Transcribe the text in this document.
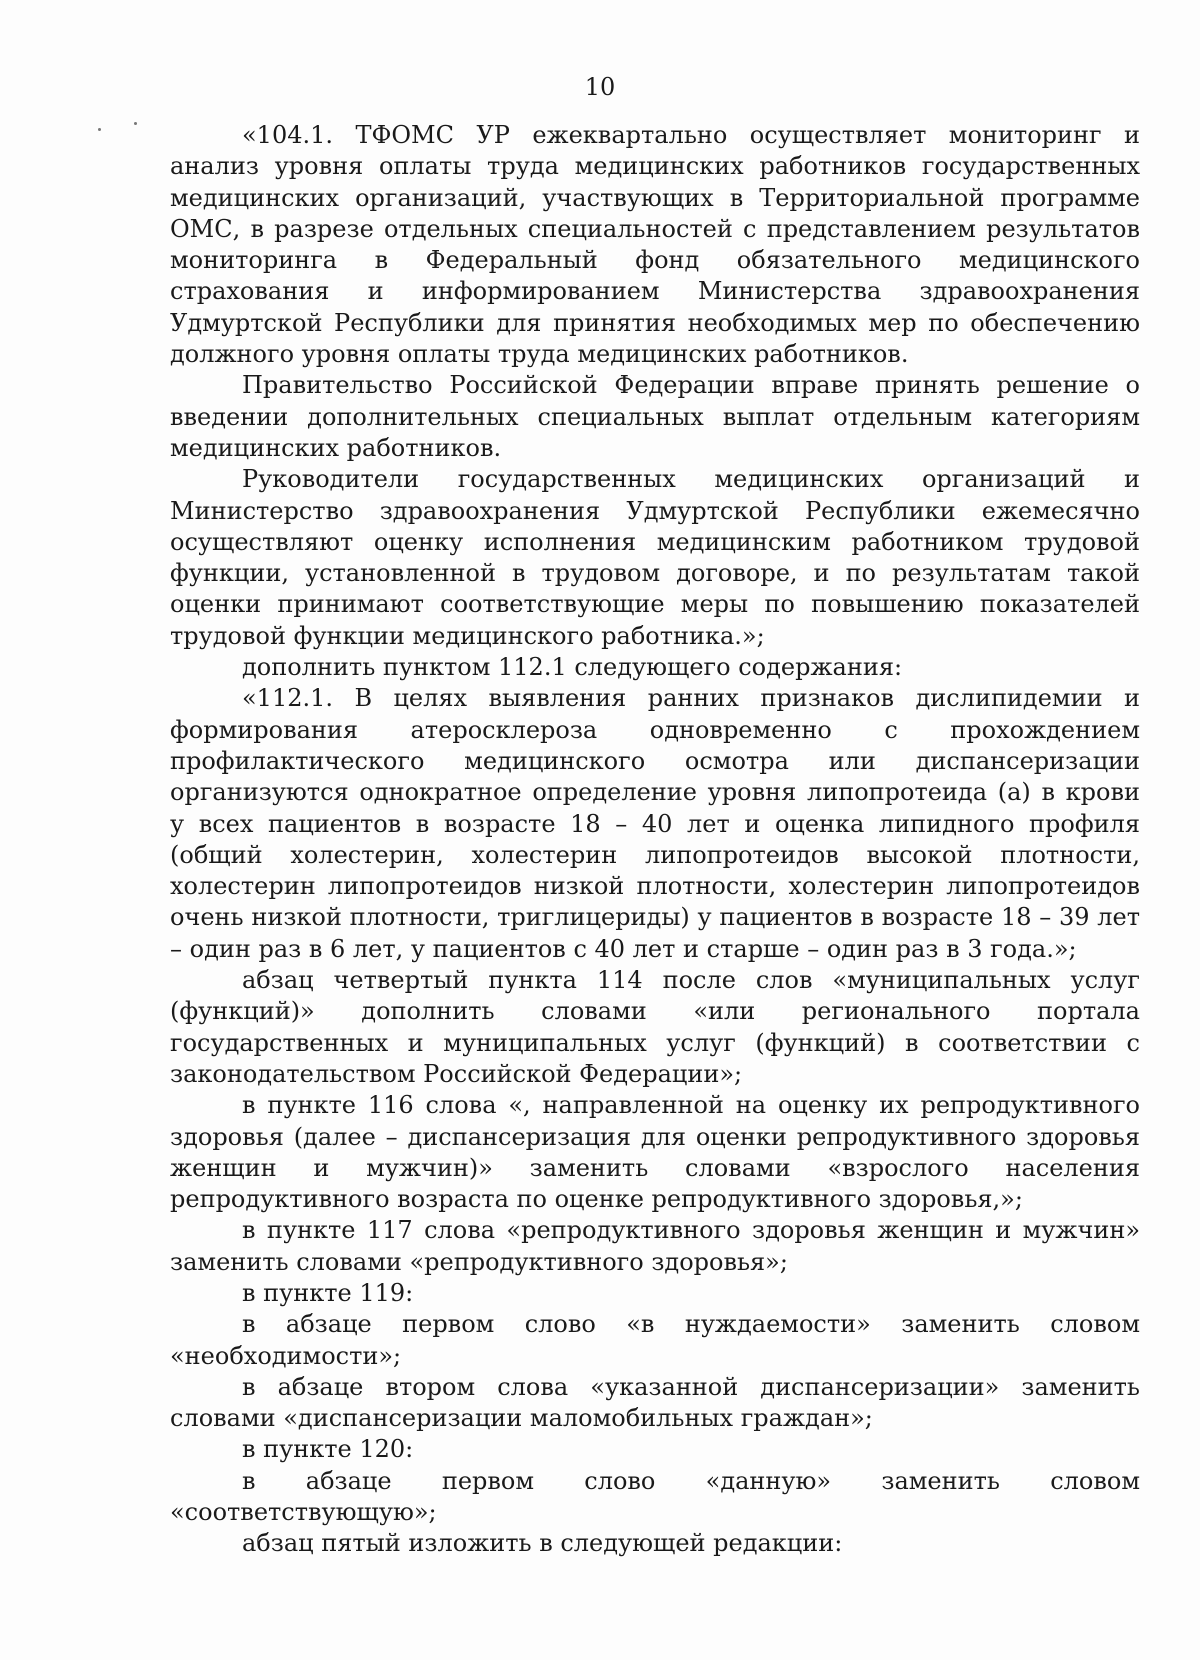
10

«104.1. ТФОМС УР ежеквартально осуществляет мониторинг и анализ уровня оплаты труда медицинских работников государственных медицинских организаций, участвующих в Территориальной программе ОМС, в разрезе отдельных специальностей с представлением результатов мониторинга в Федеральный фонд обязательного медицинского страхования и информированием Министерства здравоохранения Удмуртской Республики для принятия необходимых мер по обеспечению должного уровня оплаты труда медицинских работников.

Правительство Российской Федерации вправе принять решение о введении дополнительных специальных выплат отдельным категориям медицинских работников.

Руководители государственных медицинских организаций и Министерство здравоохранения Удмуртской Республики ежемесячно осуществляют оценку исполнения медицинским работником трудовой функции, установленной в трудовом договоре, и по результатам такой оценки принимают соответствующие меры по повышению показателей трудовой функции медицинского работника.»;

дополнить пунктом 112.1 следующего содержания:

«112.1. В целях выявления ранних признаков дислипидемии и формирования атеросклероза одновременно с прохождением профилактического медицинского осмотра или диспансеризации организуются однократное определение уровня липопротеида (а) в крови у всех пациентов в возрасте 18 – 40 лет и оценка липидного профиля (общий холестерин, холестерин липопротеидов высокой плотности, холестерин липопротеидов низкой плотности, холестерин липопротеидов очень низкой плотности, триглицериды) у пациентов в возрасте 18 – 39 лет – один раз в 6 лет, у пациентов с 40 лет и старше – один раз в 3 года.»;

абзац четвертый пункта 114 после слов «муниципальных услуг (функций)» дополнить словами «или регионального портала государственных и муниципальных услуг (функций) в соответствии с законодательством Российской Федерации»;

в пункте 116 слова «, направленной на оценку их репродуктивного здоровья (далее – диспансеризация для оценки репродуктивного здоровья женщин и мужчин)» заменить словами «взрослого населения репродуктивного возраста по оценке репродуктивного здоровья,»;

в пункте 117 слова «репродуктивного здоровья женщин и мужчин» заменить словами «репродуктивного здоровья»;

в пункте 119:

в абзаце первом слово «в нуждаемости» заменить словом «необходимости»;

в абзаце втором слова «указанной диспансеризации» заменить словами «диспансеризации маломобильных граждан»;

в пункте 120:

в абзаце первом слово «данную» заменить словом «соответствующую»;

абзац пятый изложить в следующей редакции:
